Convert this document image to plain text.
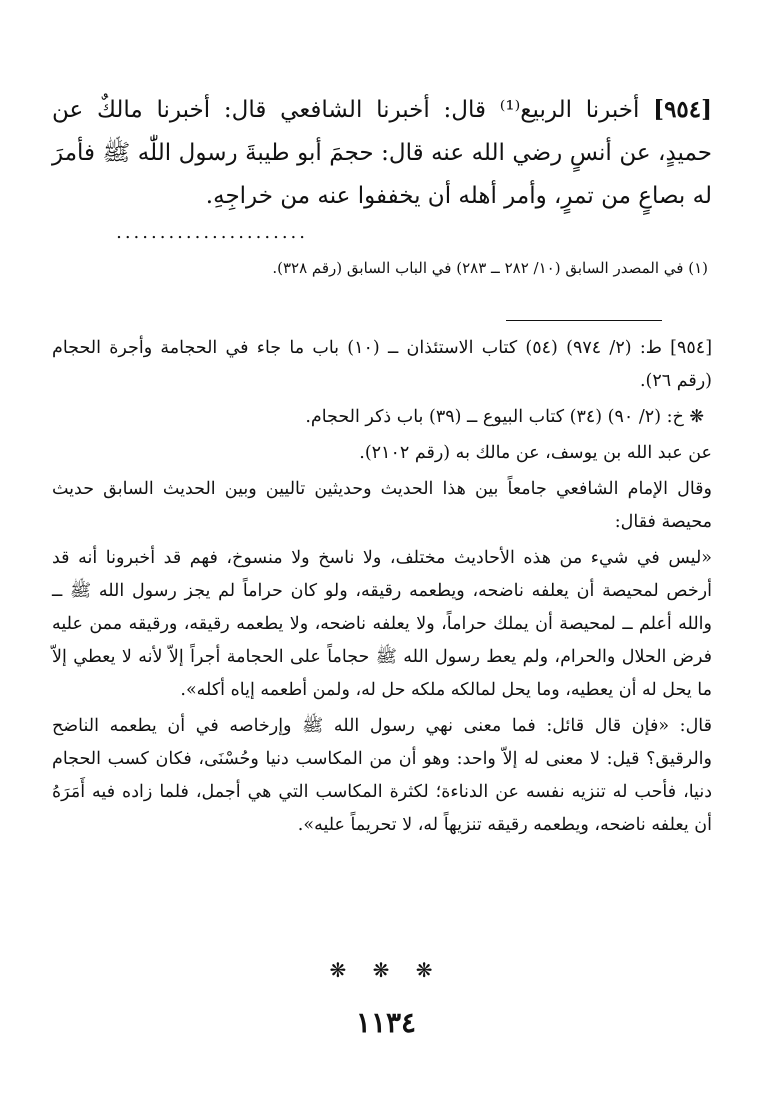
[٩٥٤] أخبرنا الربيع⁽¹⁾ قال: أخبرنا الشافعي قال: أخبرنا مالكٌ عن حميدٍ، عن أنسٍ رضي الله عنه قال: حجمَ أبو طيبةَ رسول اللّٰه ﷺ فأمرَ له بصاعٍ من تمرٍ، وأمر أهله أن يخففوا عنه من خراجِهِ.

......................

(١) في المصدر السابق (١٠/ ٢٨٢ ــ ٢٨٣) في الباب السابق (رقم ٣٢٨).

[٩٥٤] ط: (٢/ ٩٧٤) (٥٤) كتاب الاستئذان ــ (١٠) باب ما جاء في الحجامة وأجرة الحجام (رقم ٢٦).

❋ خ: (٢/ ٩٠) (٣٤) كتاب البيوع ــ (٣٩) باب ذكر الحجام.

عن عبد الله بن يوسف، عن مالك به (رقم ٢١٠٢).

وقال الإمام الشافعي جامعاً بين هذا الحديث وحديثين تاليين وبين الحديث السابق حديث محيصة فقال:

«ليس في شيء من هذه الأحاديث مختلف، ولا ناسخ ولا منسوخ، فهم قد أخبرونا أنه قد أرخص لمحيصة أن يعلفه ناضحه، ويطعمه رقيقه، ولو كان حراماً لم يجز رسول الله ﷺ ــ والله أعلم ــ لمحيصة أن يملك حراماً، ولا يعلفه ناضحه، ولا يطعمه رقيقه، ورقيقه ممن عليه فرض الحلال والحرام، ولم يعط رسول الله ﷺ حجاماً على الحجامة أجراً إلاّ لأنه لا يعطي إلاّ ما يحل له أن يعطيه، وما يحل لمالكه ملكه حل له، ولمن أطعمه إياه أكله».

قال: «فإن قال قائل: فما معنى نهي رسول الله ﷺ وإرخاصه في أن يطعمه الناضح والرقيق؟ قيل: لا معنى له إلاّ واحد: وهو أن من المكاسب دنيا وحُسْنَى، فكان كسب الحجام دنيا، فأحب له تنزيه نفسه عن الدناءة؛ لكثرة المكاسب التي هي أجمل، فلما زاده فيه أَمَرَهُ أن يعلفه ناضحه، ويطعمه رقيقه تنزيهاً له، لا تحريماً عليه».

❋ ❋ ❋
١١٣٤
